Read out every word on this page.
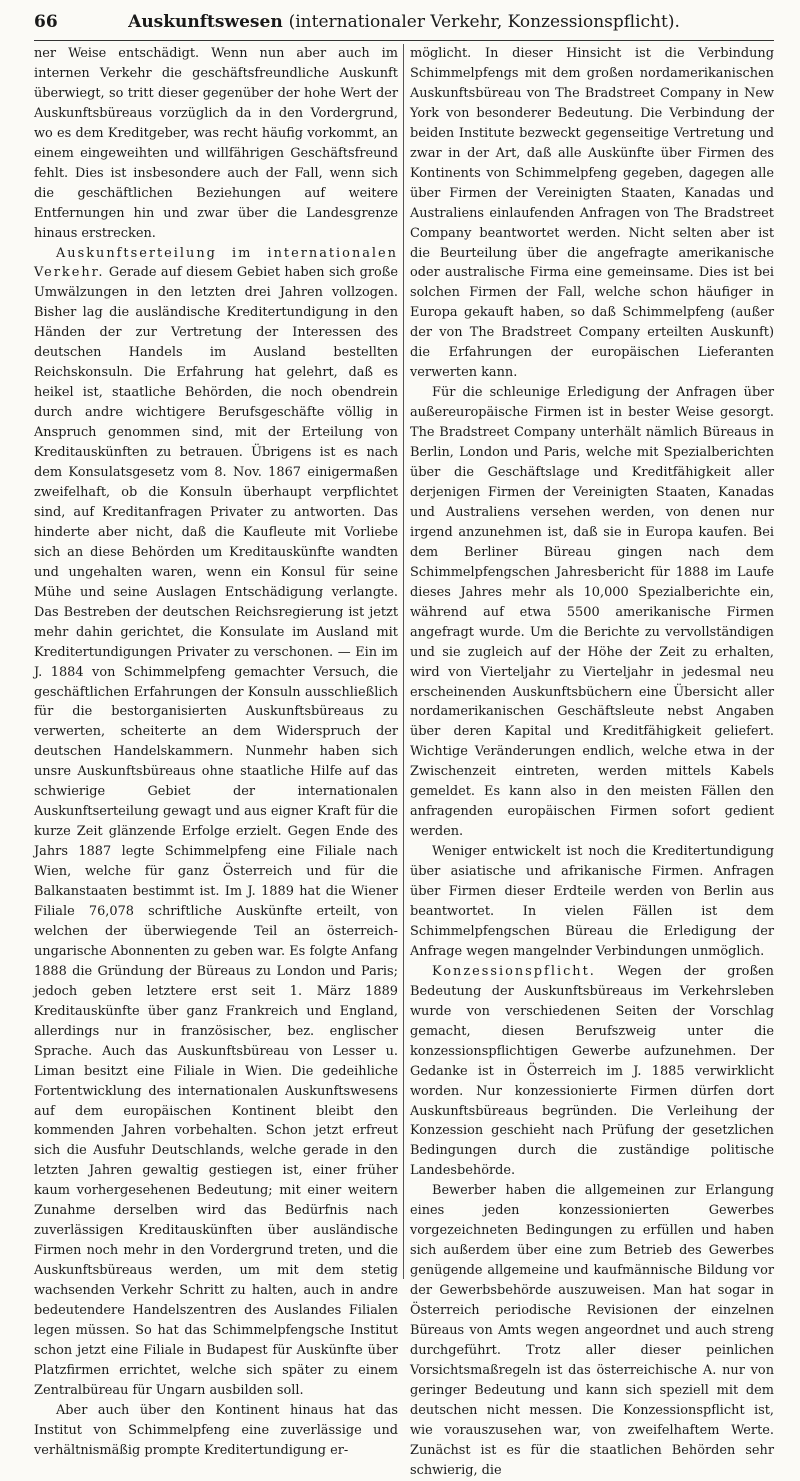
66	Auskunftswesen (internationaler Verkehr, Konzessionspflicht).

ner Weise entschädigt. Wenn nun aber auch im internen Verkehr die geschäftsfreundliche Auskunft überwiegt, so tritt dieser gegenüber der hohe Wert der Auskunftsbüreaus vorzüglich da in den Vordergrund, wo es dem Kreditgeber, was recht häufig vorkommt, an einem eingeweihten und willfährigen Geschäftsfreund fehlt. Dies ist insbesondere auch der Fall, wenn sich die geschäftlichen Beziehungen auf weitere Entfernungen hin und zwar über die Landesgrenze hinaus erstrecken.

Auskunftserteilung im internationalen Verkehr. Gerade auf diesem Gebiet haben sich große Umwälzungen in den letzten drei Jahren vollzogen. Bisher lag die ausländische Kreditertundigung in den Händen der zur Vertretung der Interessen des deutschen Handels im Ausland bestellten Reichskonsuln. Die Erfahrung hat gelehrt, daß es heikel ist, staatliche Behörden, die noch obendrein durch andre wichtigere Berufsgeschäfte völlig in Anspruch genommen sind, mit der Erteilung von Kreditauskünften zu betrauen. Übrigens ist es nach dem Konsulatsgesetz vom 8. Nov. 1867 einigermaßen zweifelhaft, ob die Konsuln überhaupt verpflichtet sind, auf Kreditanfragen Privater zu antworten. Das hinderte aber nicht, daß die Kaufleute mit Vorliebe sich an diese Behörden um Kreditauskünfte wandten und ungehalten waren, wenn ein Konsul für seine Mühe und seine Auslagen Entschädigung verlangte. Das Bestreben der deutschen Reichsregierung ist jetzt mehr dahin gerichtet, die Konsulate im Ausland mit Kreditertundigungen Privater zu verschonen. — Ein im J. 1884 von Schimmelpfeng gemachter Versuch, die geschäftlichen Erfahrungen der Konsuln ausschließlich für die bestorganisierten Auskunftsbüreaus zu verwerten, scheiterte an dem Widerspruch der deutschen Handelskammern. Nunmehr haben sich unsre Auskunftsbüreaus ohne staatliche Hilfe auf das schwierige Gebiet der internationalen Auskunftserteilung gewagt und aus eigner Kraft für die kurze Zeit glänzende Erfolge erzielt. Gegen Ende des Jahrs 1887 legte Schimmelpfeng eine Filiale nach Wien, welche für ganz Österreich und für die Balkanstaaten bestimmt ist. Im J. 1889 hat die Wiener Filiale 76,078 schriftliche Auskünfte erteilt, von welchen der überwiegende Teil an österreich-ungarische Abonnenten zu geben war. Es folgte Anfang 1888 die Gründung der Büreaus zu London und Paris; jedoch geben letztere erst seit 1. März 1889 Kreditauskünfte über ganz Frankreich und England, allerdings nur in französischer, bez. englischer Sprache. Auch das Auskunftsbüreau von Lesser u. Liman besitzt eine Filiale in Wien. Die gedeihliche Fortentwicklung des internationalen Auskunftswesens auf dem europäischen Kontinent bleibt den kommenden Jahren vorbehalten. Schon jetzt erfreut sich die Ausfuhr Deutschlands, welche gerade in den letzten Jahren gewaltig gestiegen ist, einer früher kaum vorhergesehenen Bedeutung; mit einer weitern Zunahme derselben wird das Bedürfnis nach zuverlässigen Kreditauskünften über ausländische Firmen noch mehr in den Vordergrund treten, und die Auskunftsbüreaus werden, um mit dem stetig wachsenden Verkehr Schritt zu halten, auch in andre bedeutendere Handelszentren des Auslandes Filialen legen müssen. So hat das Schimmelpfengsche Institut schon jetzt eine Filiale in Budapest für Auskünfte über Platzfirmen errichtet, welche sich später zu einem Zentralbüreau für Ungarn ausbilden soll.

Aber auch über den Kontinent hinaus hat das Institut von Schimmelpfeng eine zuverlässige und verhältnismäßig prompte Kreditertundigung er-

möglicht. In dieser Hinsicht ist die Verbindung Schimmelpfengs mit dem großen nordamerikanischen Auskunftsbüreau von The Bradstreet Company in New York von besonderer Bedeutung. Die Verbindung der beiden Institute bezweckt gegenseitige Vertretung und zwar in der Art, daß alle Auskünfte über Firmen des Kontinents von Schimmelpfeng gegeben, dagegen alle über Firmen der Vereinigten Staaten, Kanadas und Australiens einlaufenden Anfragen von The Bradstreet Company beantwortet werden. Nicht selten aber ist die Beurteilung über die angefragte amerikanische oder australische Firma eine gemeinsame. Dies ist bei solchen Firmen der Fall, welche schon häufiger in Europa gekauft haben, so daß Schimmelpfeng (außer der von The Bradstreet Company erteilten Auskunft) die Erfahrungen der europäischen Lieferanten verwerten kann.

Für die schleunige Erledigung der Anfragen über außereuropäische Firmen ist in bester Weise gesorgt. The Bradstreet Company unterhält nämlich Büreaus in Berlin, London und Paris, welche mit Spezialberichten über die Geschäftslage und Kreditfähigkeit aller derjenigen Firmen der Vereinigten Staaten, Kanadas und Australiens versehen werden, von denen nur irgend anzunehmen ist, daß sie in Europa kaufen. Bei dem Berliner Büreau gingen nach dem Schimmelpfengschen Jahresbericht für 1888 im Laufe dieses Jahres mehr als 10,000 Spezialberichte ein, während auf etwa 5500 amerikanische Firmen angefragt wurde. Um die Berichte zu vervollständigen und sie zugleich auf der Höhe der Zeit zu erhalten, wird von Vierteljahr zu Vierteljahr in jedesmal neu erscheinenden Auskunftsbüchern eine Übersicht aller nordamerikanischen Geschäftsleute nebst Angaben über deren Kapital und Kreditfähigkeit geliefert. Wichtige Veränderungen endlich, welche etwa in der Zwischenzeit eintreten, werden mittels Kabels gemeldet. Es kann also in den meisten Fällen den anfragenden europäischen Firmen sofort gedient werden.

Weniger entwickelt ist noch die Kreditertundigung über asiatische und afrikanische Firmen. Anfragen über Firmen dieser Erdteile werden von Berlin aus beantwortet. In vielen Fällen ist dem Schimmelpfengschen Büreau die Erledigung der Anfrage wegen mangelnder Verbindungen unmöglich.

Konzessionspflicht. Wegen der großen Bedeutung der Auskunftsbüreaus im Verkehrsleben wurde von verschiedenen Seiten der Vorschlag gemacht, diesen Berufszweig unter die konzessionspflichtigen Gewerbe aufzunehmen. Der Gedanke ist in Österreich im J. 1885 verwirklicht worden. Nur konzessionierte Firmen dürfen dort Auskunftsbüreaus begründen. Die Verleihung der Konzession geschieht nach Prüfung der gesetzlichen Bedingungen durch die zuständige politische Landesbehörde.

Bewerber haben die allgemeinen zur Erlangung eines jeden konzessionierten Gewerbes vorgezeichneten Bedingungen zu erfüllen und haben sich außerdem über eine zum Betrieb des Gewerbes genügende allgemeine und kaufmännische Bildung vor der Gewerbsbehörde auszuweisen. Man hat sogar in Österreich periodische Revisionen der einzelnen Büreaus von Amts wegen angeordnet und auch streng durchgeführt. Trotz aller dieser peinlichen Vorsichtsmaßregeln ist das österreichische A. nur von geringer Bedeutung und kann sich speziell mit dem deutschen nicht messen. Die Konzessionspflicht ist, wie vorauszusehen war, von zweifelhaftem Werte. Zunächst ist es für die staatlichen Behörden sehr schwierig, die
